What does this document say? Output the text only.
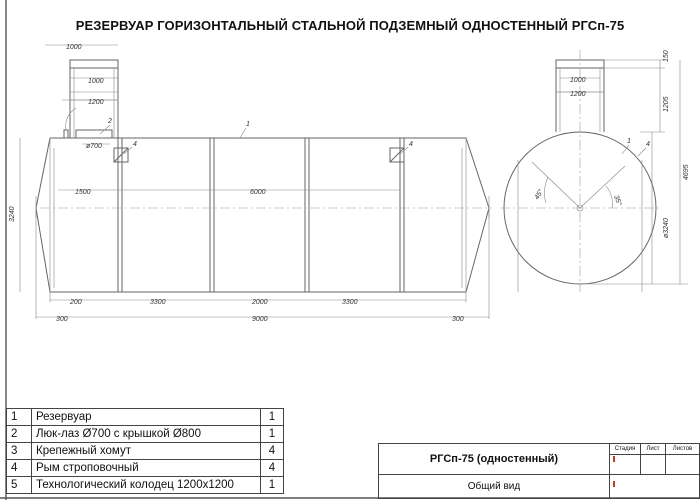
РЕЗЕРВУАР ГОРИЗОНТАЛЬНЫЙ СТАЛЬНОЙ ПОДЗЕМНЫЙ ОДНОСТЕННЫЙ РГСп-75
1000
1000
1200
ø700
1500	6000
3240
200	3300	2000	3300
300	9000	300
1
2
4	4
1000
1200
150
1205
4695
ø3240
45°	35°
1 4
1	Резервуар	1
2	Люк-лаз Ø700 с крышкой Ø800	1
3	Крепежный хомут	4
4	Рым строповочный	4
5	Технологический колодец 1200х1200	1
РГСп-75 (одностенный)
Общий вид
Стадия	Лист	Листов
